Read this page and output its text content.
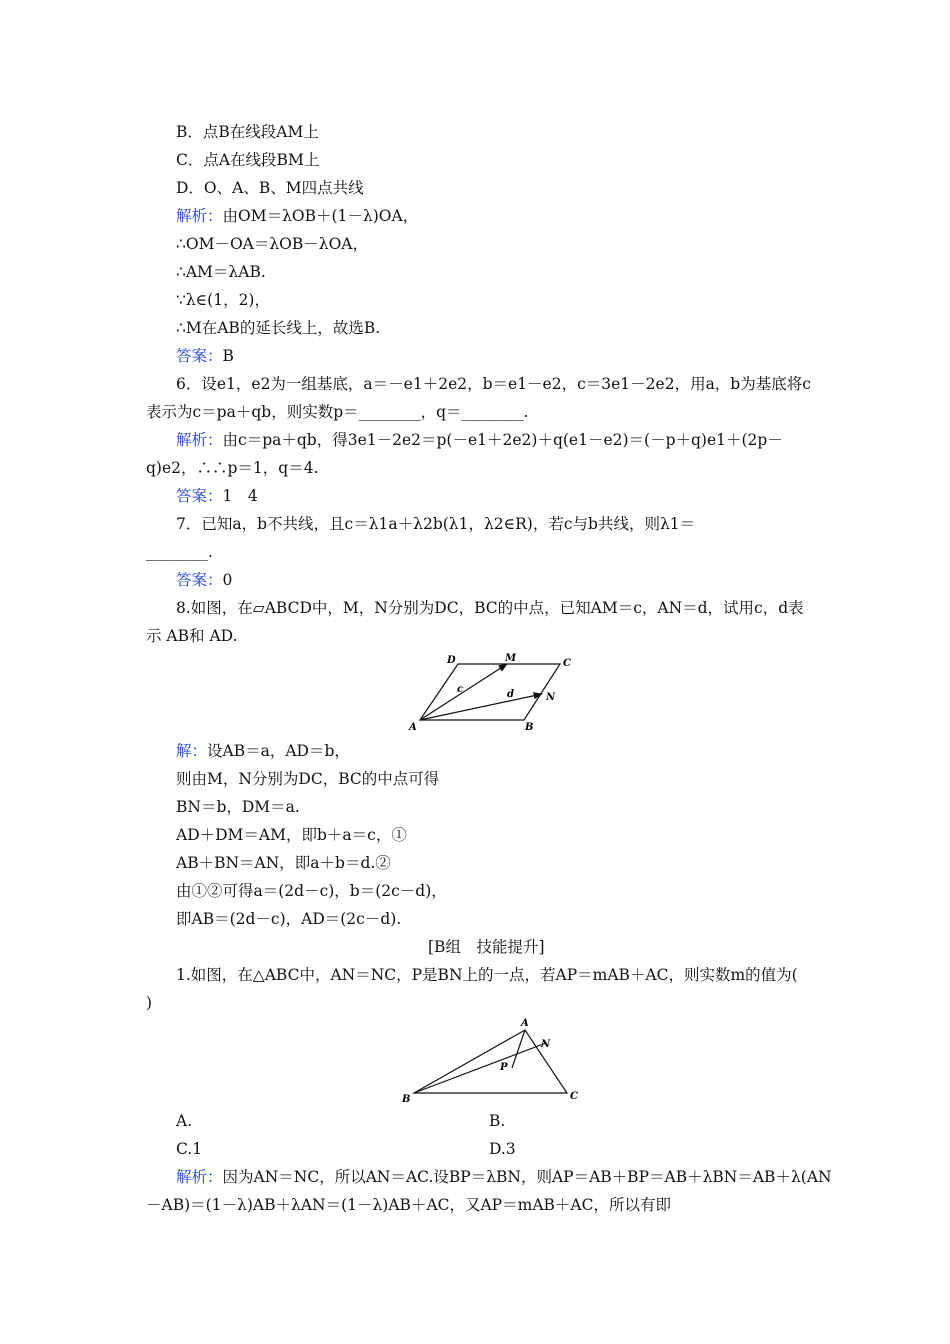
B．点B在线段AM上
C．点A在线段BM上
D．O、A、B、M四点共线
解析：由OM＝λOB＋(1－λ)OA，
∴OM－OA＝λOB－λOA，
∴AM＝λAB.
∵λ∈(1，2)，
∴M在AB的延长线上，故选B.
答案：B
6．设e1，e2为一组基底，a＝－e1＋2e2，b＝e1－e2，c＝3e1－2e2，用a，b为基底将c
表示为c＝pa＋qb，则实数p＝________，q＝________.
解析：由c＝pa＋qb，得3e1－2e2＝p(－e1＋2e2)＋q(e1－e2)＝(－p＋q)e1＋(2p－
q)e2，∴∴p＝1，q＝4.
答案：1　4
7．已知a，b不共线，且c＝λ1a＋λ2b(λ1，λ2∈R)，若c与b共线，则λ1＝
________.
答案：0
8.如图，在▱ABCD中，M，N分别为DC，BC的中点，已知AM＝c，AN＝d，试用c，d表
示 AB和 AD.
D	M	C
c	d	N
A	B
解：设AB＝a，AD＝b，
则由M，N分别为DC，BC的中点可得
BN＝b，DM＝a.
AD＋DM＝AM，即b＋a＝c，①
AB＋BN＝AN，即a＋b＝d.②
由①②可得a＝(2d－c)，b＝(2c－d)，
即AB＝(2d－c)，AD＝(2c－d).
[B组　技能提升]
1.如图，在△ABC中，AN＝NC，P是BN上的一点，若AP＝mAB＋AC，则实数m的值为(
)
A
N
P
B	C
A.	B.
C.1	D.3
解析：因为AN＝NC，所以AN＝AC.设BP＝λBN，则AP＝AB＋BP＝AB＋λBN＝AB＋λ(AN
－AB)＝(1－λ)AB＋λAN＝(1－λ)AB＋AC，又AP＝mAB＋AC，所以有即
